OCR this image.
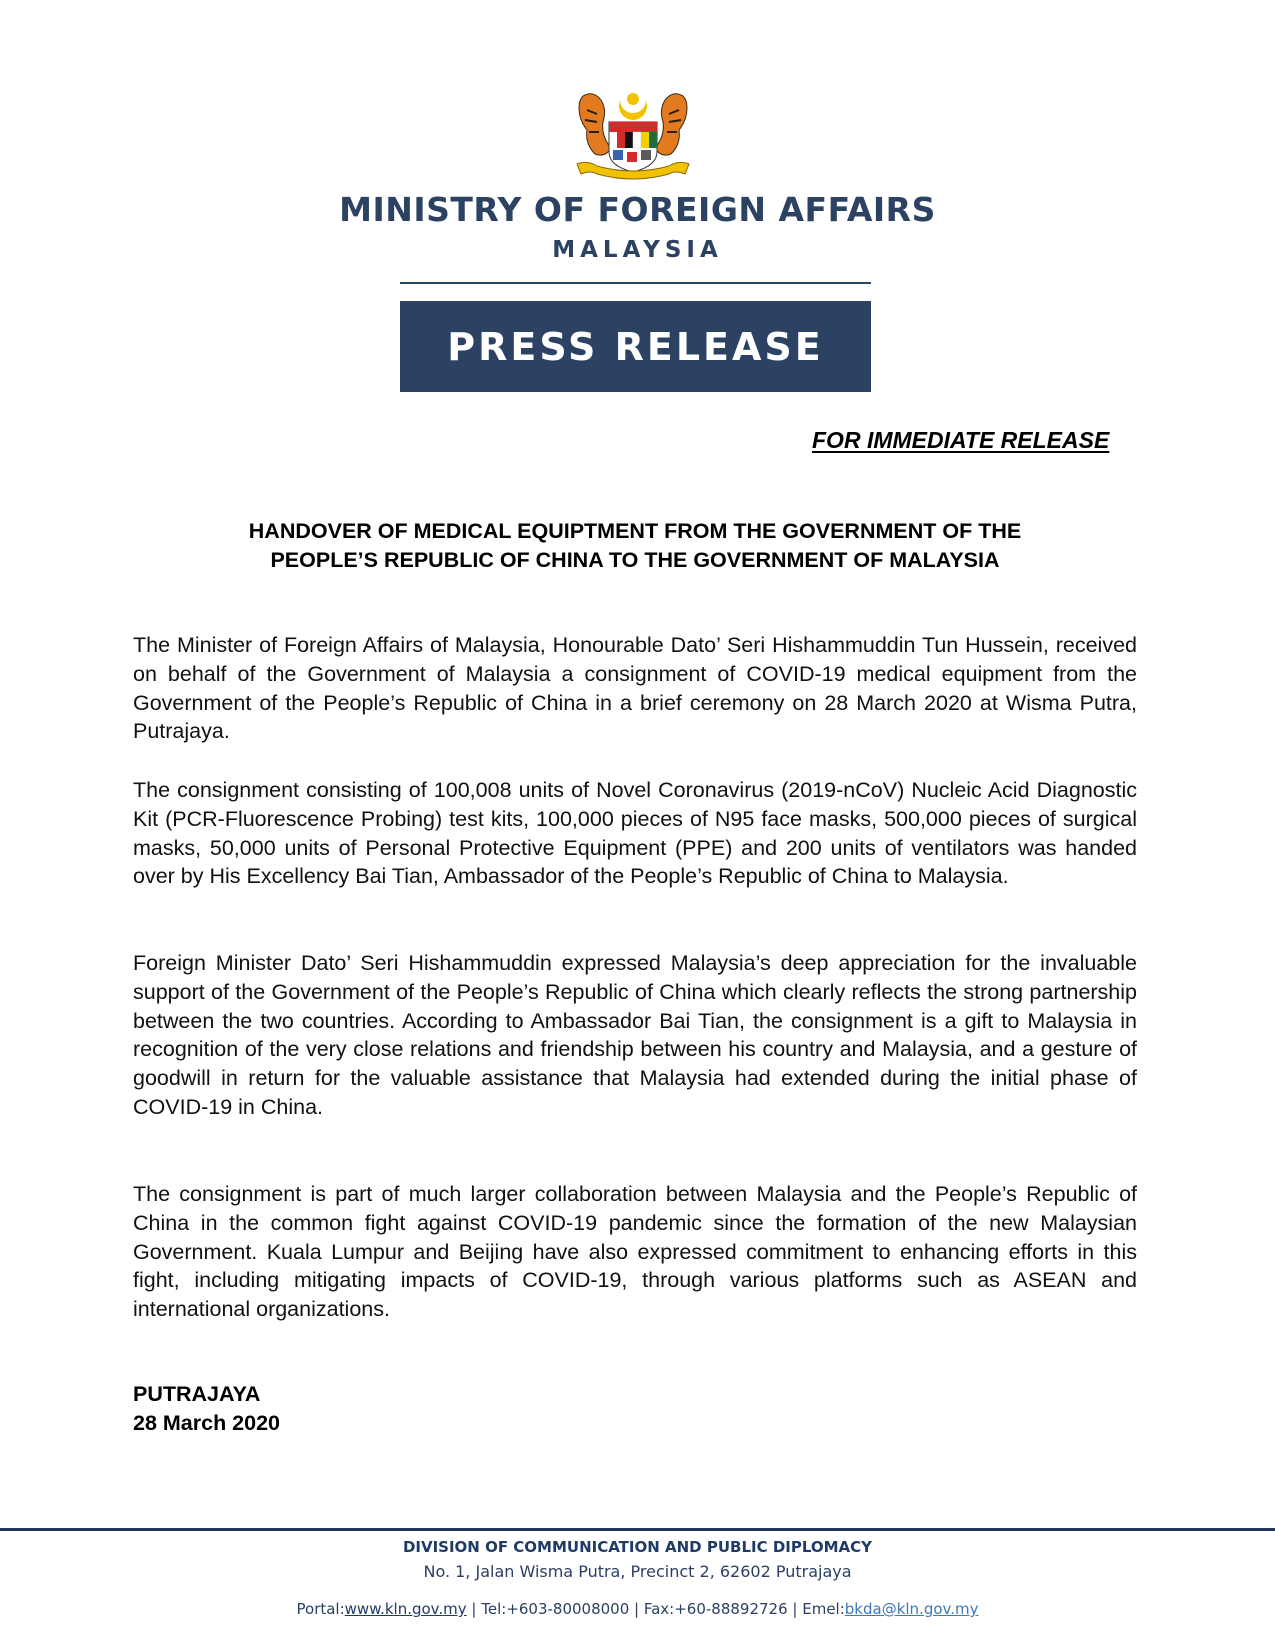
MINISTRY OF FOREIGN AFFAIRS
MALAYSIA
PRESS RELEASE
FOR IMMEDIATE RELEASE
HANDOVER OF MEDICAL EQUIPTMENT FROM THE GOVERNMENT OF THE
PEOPLE’S REPUBLIC OF CHINA TO THE GOVERNMENT OF MALAYSIA

The Minister of Foreign Affairs of Malaysia, Honourable Dato’ Seri Hishammuddin Tun Hussein, received on behalf of the Government of Malaysia a consignment of COVID-19 medical equipment from the Government of the People’s Republic of China in a brief ceremony on 28 March 2020 at Wisma Putra, Putrajaya.

The consignment consisting of 100,008 units of Novel Coronavirus (2019-nCoV) Nucleic Acid Diagnostic Kit (PCR-Fluorescence Probing) test kits, 100,000 pieces of N95 face masks, 500,000 pieces of surgical masks, 50,000 units of Personal Protective Equipment (PPE) and 200 units of ventilators was handed over by His Excellency Bai Tian, Ambassador of the People’s Republic of China to Malaysia.

Foreign Minister Dato’ Seri Hishammuddin expressed Malaysia’s deep appreciation for the invaluable support of the Government of the People’s Republic of China which clearly reflects the strong partnership between the two countries. According to Ambassador Bai Tian, the consignment is a gift to Malaysia in recognition of the very close relations and friendship between his country and Malaysia, and a gesture of goodwill in return for the valuable assistance that Malaysia had extended during the initial phase of COVID-19 in China.

The consignment is part of much larger collaboration between Malaysia and the People’s Republic of China in the common fight against COVID-19 pandemic since the formation of the new Malaysian Government. Kuala Lumpur and Beijing have also expressed commitment to enhancing efforts in this fight, including mitigating impacts of COVID-19, through various platforms such as ASEAN and international organizations.

PUTRAJAYA
28 March 2020
DIVISION OF COMMUNICATION AND PUBLIC DIPLOMACY
No. 1, Jalan Wisma Putra, Precinct 2, 62602 Putrajaya
Portal:www.kln.gov.my | Tel:+603-80008000 | Fax:+60-88892726 | Emel:bkda@kln.gov.my
